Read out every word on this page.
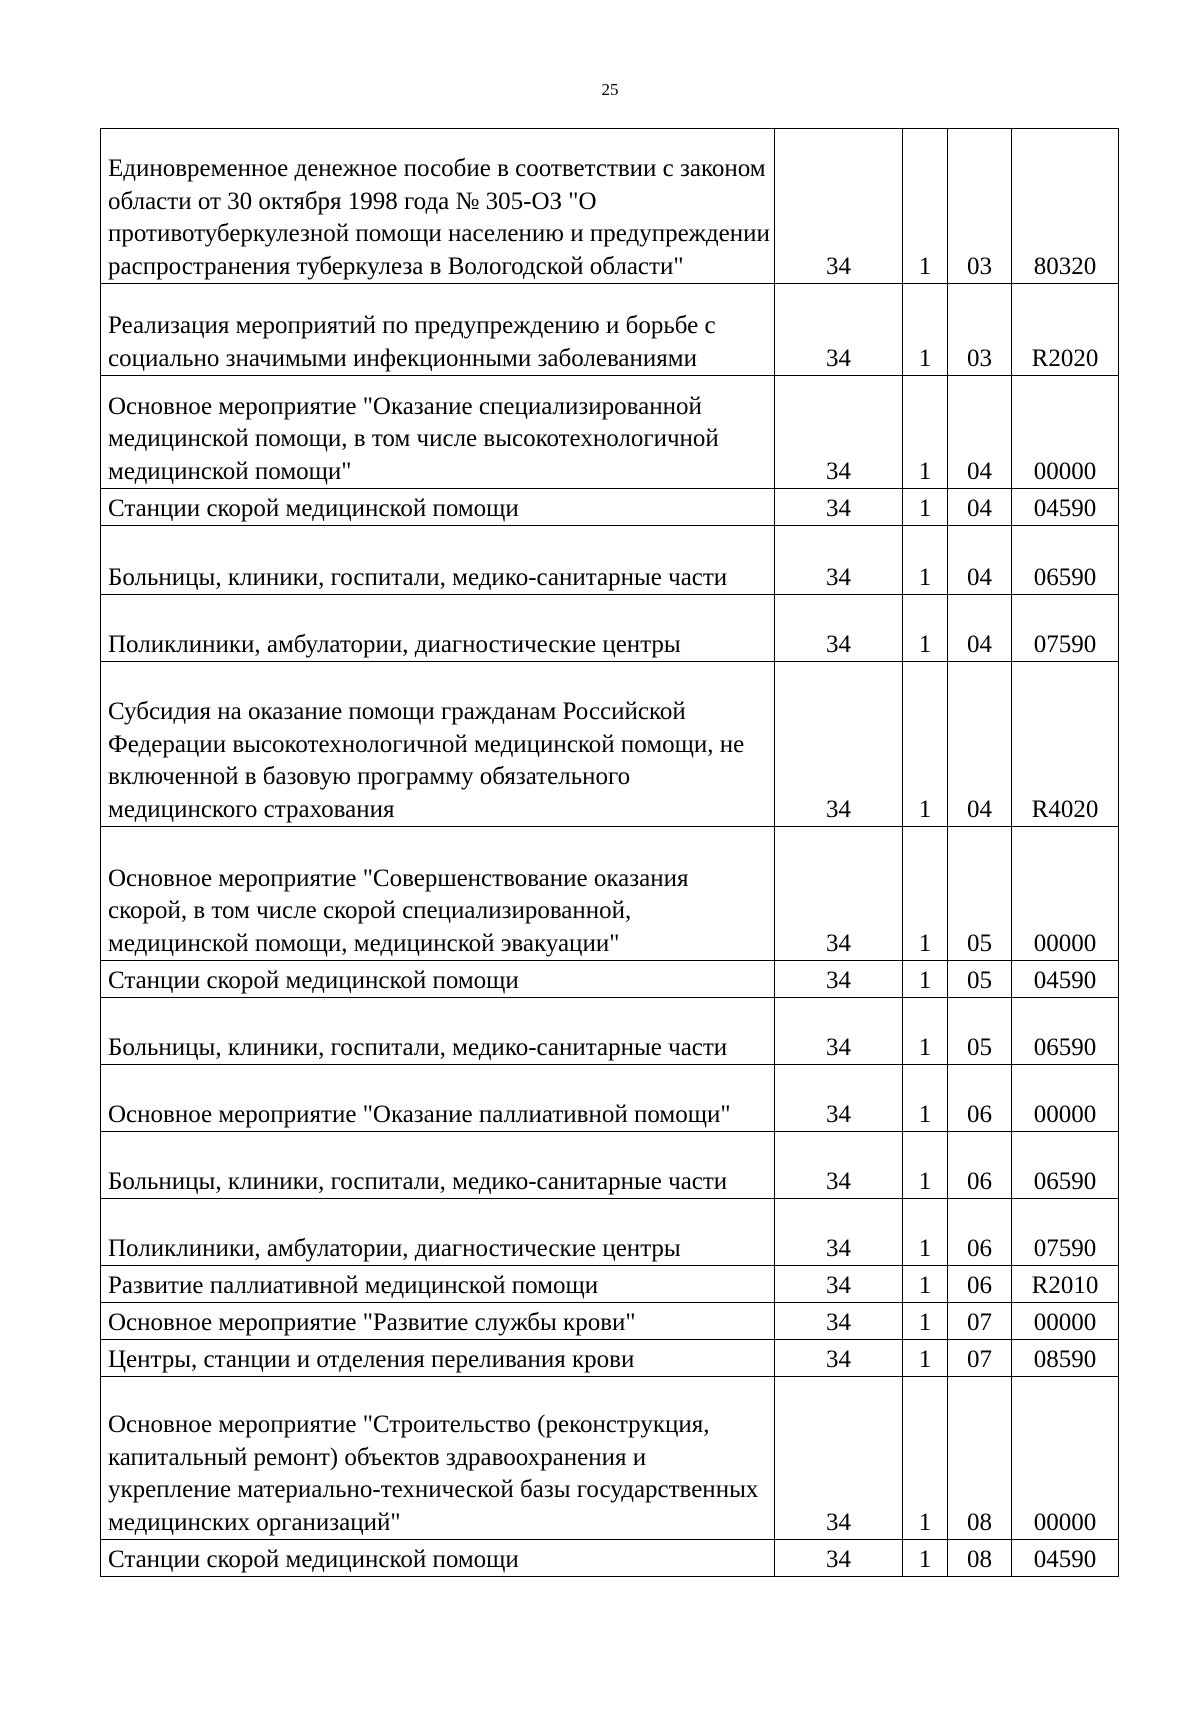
25
Единовременное денежное пособие в соответствии с законом области от 30 октября 1998 года № 305-ОЗ "О противотуберкулезной помощи населению и предупреждении распространения туберкулеза в Вологодской области"	34	1	03	80320
Реализация мероприятий по предупреждению и борьбе с социально значимыми инфекционными заболеваниями	34	1	03	R2020
Основное мероприятие "Оказание специализированной медицинской помощи, в том числе высокотехнологичной медицинской помощи"	34	1	04	00000
Станции скорой медицинской помощи	34	1	04	04590
Больницы, клиники, госпитали, медико-санитарные части	34	1	04	06590
Поликлиники, амбулатории, диагностические центры	34	1	04	07590
Субсидия на оказание помощи гражданам Российской Федерации высокотехнологичной медицинской помощи, не включенной в базовую программу обязательного медицинского страхования	34	1	04	R4020
Основное мероприятие "Совершенствование оказания скорой, в том числе скорой специализированной, медицинской помощи, медицинской эвакуации"	34	1	05	00000
Станции скорой медицинской помощи	34	1	05	04590
Больницы, клиники, госпитали, медико-санитарные части	34	1	05	06590
Основное мероприятие "Оказание паллиативной помощи"	34	1	06	00000
Больницы, клиники, госпитали, медико-санитарные части	34	1	06	06590
Поликлиники, амбулатории, диагностические центры	34	1	06	07590
Развитие паллиативной медицинской помощи	34	1	06	R2010
Основное мероприятие "Развитие службы крови"	34	1	07	00000
Центры, станции и отделения переливания крови	34	1	07	08590
Основное мероприятие "Строительство (реконструкция, капитальный ремонт) объектов здравоохранения и укрепление материально-технической базы государственных медицинских организаций"	34	1	08	00000
Станции скорой медицинской помощи	34	1	08	04590
